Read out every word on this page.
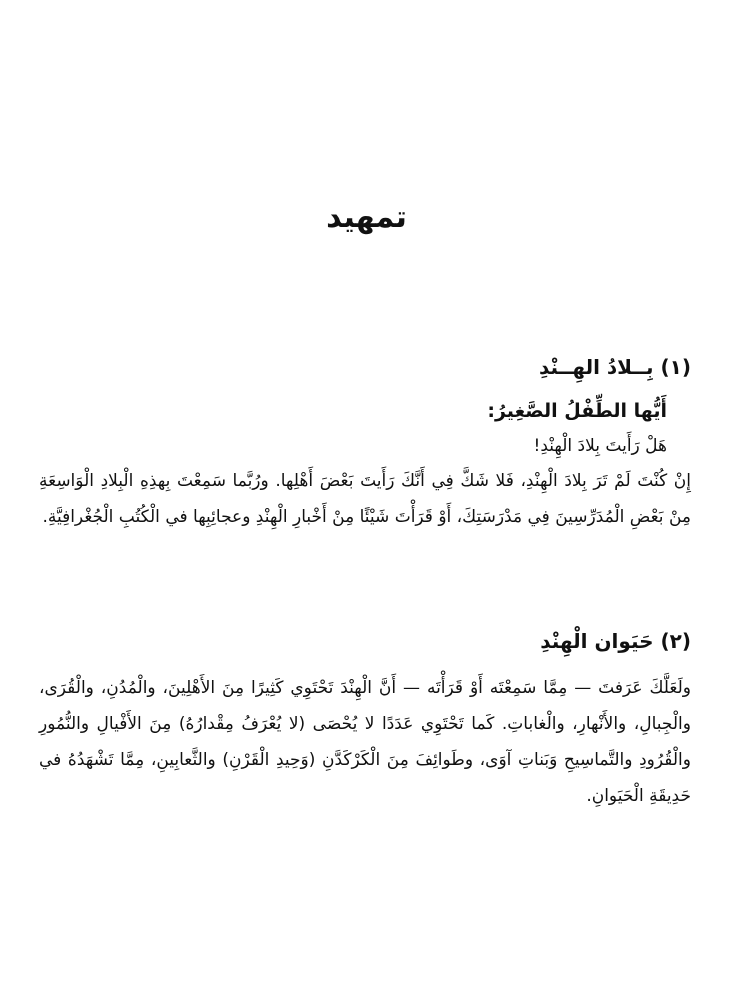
تمهيد
(١) بِــلادُ الهِــنْدِ

أَيُّها الطِّفْلُ الصَّغِيرُ:

هَلْ رَأَيتَ بِلادَ الْهِنْدِ!

إِنْ كُنْتَ لَمْ تَرَ بِلادَ الْهِنْدِ، فَلا شَكَّ فِي أَنَّكَ رَأَيتَ بَعْضَ أَهْلِها. ورُبَّما سَمِعْتَ بِهذِهِ الْبِلادِ الْوَاسِعَةِ مِنْ بَعْضِ الْمُدَرِّسِينَ فِي مَدْرَسَتِكَ، أَوْ قَرَأْتَ شَيْئًا مِنْ أَخْبارِ الْهِنْدِ وعجائِبِها في الْكُتُبِ الْجُغْرافِيَّةِ.

(٢) حَيَوان الْهِنْدِ

ولَعَلَّكَ عَرَفتَ — مِمَّا سَمِعْتَه أَوْ قَرَأْتَه — أَنَّ الْهِنْدَ تَحْتَوِي كَثِيرًا مِنَ الأَهْلِينَ، والْمُدُنِ، والْقُرَى، والْجِبالِ، والأَنْهارِ، والْغاباتِ. كَما تَحْتَوِي عَدَدًا لا يُحْصَى (لا يُعْرَفُ مِقْدارُهُ) مِنَ الأَفْيالِ والنُّمُورِ والْقُرُودِ والتَّماسِيحِ وَبَناتِ آوَى، وطَوائِفَ مِنَ الْكَرْكَدَّنِ (وَحِيدِ الْقَرْنِ) والثَّعابِينِ، مِمَّا تَشْهَدُهُ في حَدِيقَةِ الْحَيَوانِ.
